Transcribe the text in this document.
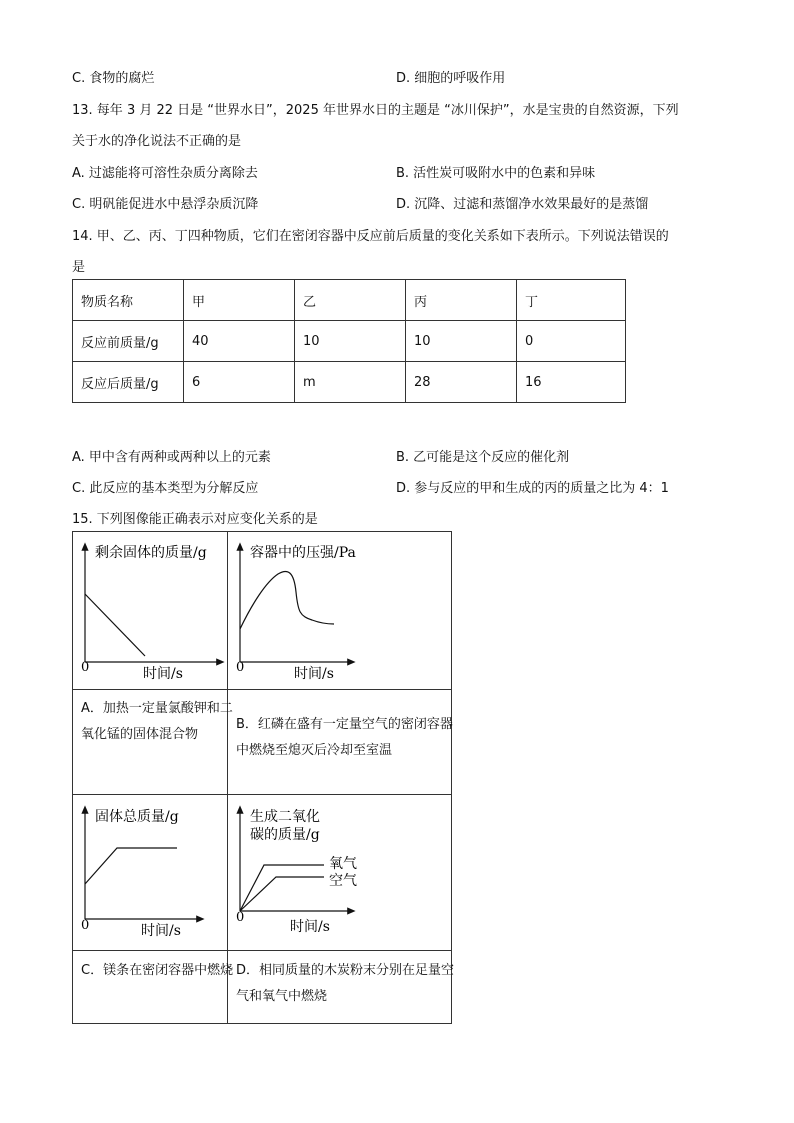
C. 食物的腐烂	D. 细胞的呼吸作用
13. 每年 3 月 22 日是 “世界水日”，2025 年世界水日的主题是 “冰川保护”，水是宝贵的自然资源，下列
关于水的净化说法不正确的是
A. 过滤能将可溶性杂质分离除去	B. 活性炭可吸附水中的色素和异味
C. 明矾能促进水中悬浮杂质沉降	D. 沉降、过滤和蒸馏净水效果最好的是蒸馏
14. 甲、乙、丙、丁四种物质，它们在密闭容器中反应前后质量的变化关系如下表所示。下列说法错误的
是
物质名称	甲	乙	丙	丁
反应前质量/g	40	10	10	0
反应后质量/g	6	m	28	16
A. 甲中含有两种或两种以上的元素	B. 乙可能是这个反应的催化剂
C. 此反应的基本类型为分解反应	D. 参与反应的甲和生成的丙的质量之比为 4：1
15. 下列图像能正确表示对应变化关系的是
剩余固体的质量/g
时间/s
0
容器中的压强/Pa
时间/s
0
A．加热一定量氯酸钾和二氧化锰的固体混合物
B．红磷在盛有一定量空气的密闭容器中燃烧至熄灭后冷却至室温
固体总质量/g
时间/s
0
生成二氧化
碳的质量/g
时间/s
0
氧气
空气
C．镁条在密闭容器中燃烧 D．相同质量的木炭粉末分别在足量空气和氧气中燃烧
